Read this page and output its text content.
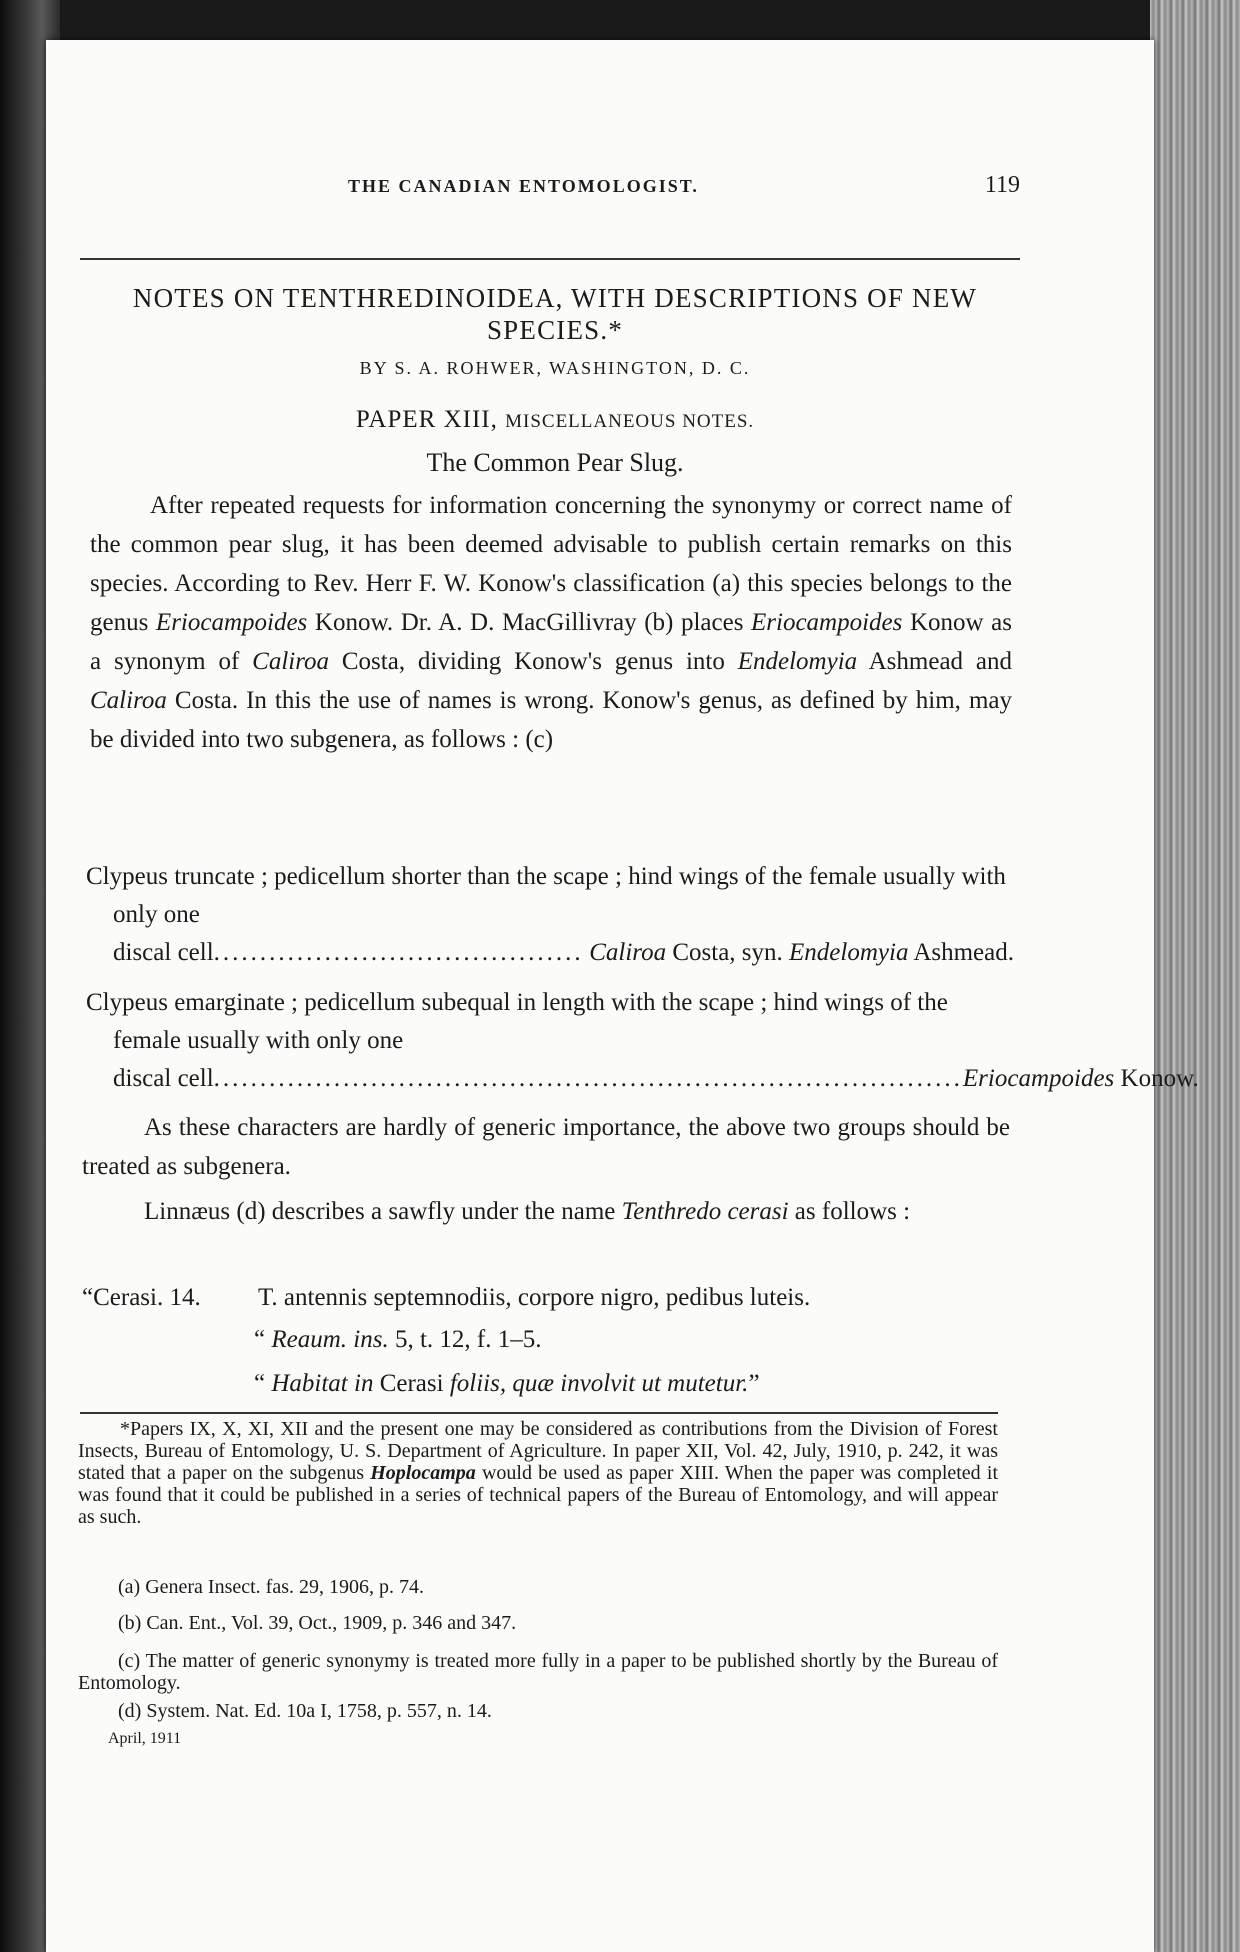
THE CANADIAN ENTOMOLOGIST.	119
NOTES ON TENTHREDINOIDEA, WITH DESCRIPTIONS OF NEW SPECIES.*
BY S. A. ROHWER, WASHINGTON, D. C.
PAPER XIII, MISCELLANEOUS NOTES.
The Common Pear Slug.
After repeated requests for information concerning the synonymy or correct name of the common pear slug, it has been deemed advisable to publish certain remarks on this species. According to Rev. Herr F. W. Konow's classification (a) this species belongs to the genus Eriocampoides Konow. Dr. A. D. MacGillivray (b) places Eriocampoides Konow as a synonym of Caliroa Costa, dividing Konow's genus into Endelomyia Ashmead and Caliroa Costa. In this the use of names is wrong. Konow's genus, as defined by him, may be divided into two subgenera, as follows : (c)
Clypeus truncate ; pedicellum shorter than the scape ; hind wings of the female usually with only one
discal cell ........................................ Caliroa Costa, syn. Endelomyia Ashmead.
Clypeus emarginate ; pedicellum subequal in length with the scape ; hind wings of the female usually with only one
discal cell ................................................................................. Eriocampoides Konow.
As these characters are hardly of generic importance, the above two groups should be treated as subgenera.
Linnæus (d) describes a sawfly under the name Tenthredo cerasi as follows :
“Cerasi. 14. T. antennis septemnodiis, corpore nigro, pedibus luteis.
“ Reaum. ins. 5, t. 12, f. 1–5.
“ Habitat in Cerasi foliis, quæ involvit ut mutetur.”
*Papers IX, X, XI, XII and the present one may be considered as contributions from the Division of Forest Insects, Bureau of Entomology, U. S. Department of Agriculture. In paper XII, Vol. 42, July, 1910, p. 242, it was stated that a paper on the subgenus Hoplocampa would be used as paper XIII. When the paper was completed it was found that it could be published in a series of technical papers of the Bureau of Entomology, and will appear as such.
(a) Genera Insect. fas. 29, 1906, p. 74.
(b) Can. Ent., Vol. 39, Oct., 1909, p. 346 and 347.
(c) The matter of generic synonymy is treated more fully in a paper to be published shortly by the Bureau of Entomology.
(d) System. Nat. Ed. 10a I, 1758, p. 557, n. 14.
April, 1911
